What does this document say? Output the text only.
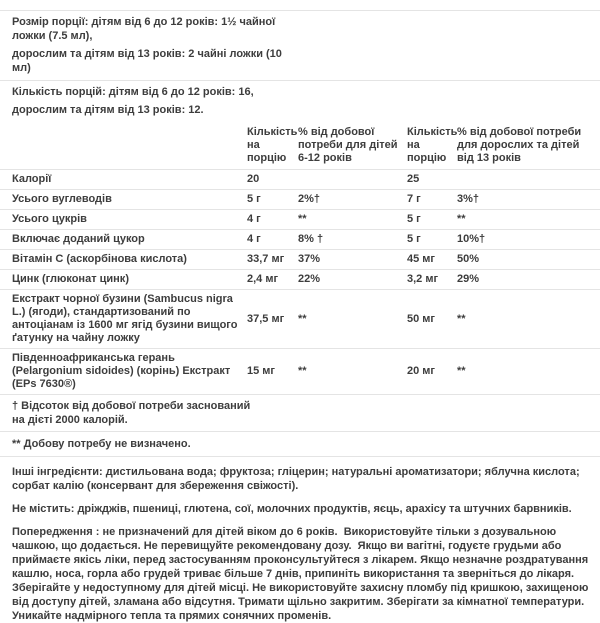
Розмір порції: дітям від 6 до 12 років: 1½ чайної ложки (7.5 мл),

дорослим та дітям від 13 років: 2 чайні ложки (10 мл)

Кількість порцій: дітям від 6 до 12 років: 16,

дорослим та дітям від 13 років: 12.

	Кількість на порцію	% від добової потреби для дітей 6-12 років	Кількість на порцію	% від добової потреби для дорослих та дітей від 13 років
Калорії	20		25	
Усього вуглеводів	5 г	2%†	7 г	3%†
Усього цукрів	4 г	**	5 г	**
Включає доданий цукор	4 г	8% †	5 г	10%†
Вітамін C (аскорбінова кислота)	33,7 мг	37%	45 мг	50%
Цинк (глюконат цинк)	2,4 мг	22%	3,2 мг	29%
Екстракт чорної бузини (Sambucus nigra L.) (ягоди), стандартизований по антоціанам із 1600 мг ягід бузини вищого ґатунку на чайну ложку	37,5 мг	**	50 мг	**
Південноафриканська герань (Pelargonium sidoides) (корінь) Екстракт (EPs 7630®)	15 мг	**	20 мг	**

† Відсоток від добової потреби заснований на дієті 2000 калорій.				

** Добову потребу не визначено.				

Інші інгредієнти: дистильована вода; фруктоза; гліцерин; натуральні ароматизатори; яблучна кислота; сорбат калію (консервант для збереження свіжості).

Не містить: дріжджів, пшениці, глютена, сої, молочних продуктів, яєць, арахісу та штучних барвників.

Попередження : не призначений для дітей віком до 6 років.  Використовуйте тільки з дозувальною чашкою, що додається. Не перевищуйте рекомендовану дозу.  Якщо ви вагітні, годуєте грудьми або приймаєте якісь ліки, перед застосуванням проконсультуйтеся з лікарем. Якщо незначне роздратування кашлю, носа, горла або грудей триває більше 7 днів, припиніть використання та зверніться до лікаря. Зберігайте у недоступному для дітей місці. Не використовуйте захисну пломбу під кришкою, захищеною від доступу дітей, зламана або відсутня. Тримати щільно закритим. Зберігати за кімнатної температури. Уникайте надмірного тепла та прямих сонячних променів.
